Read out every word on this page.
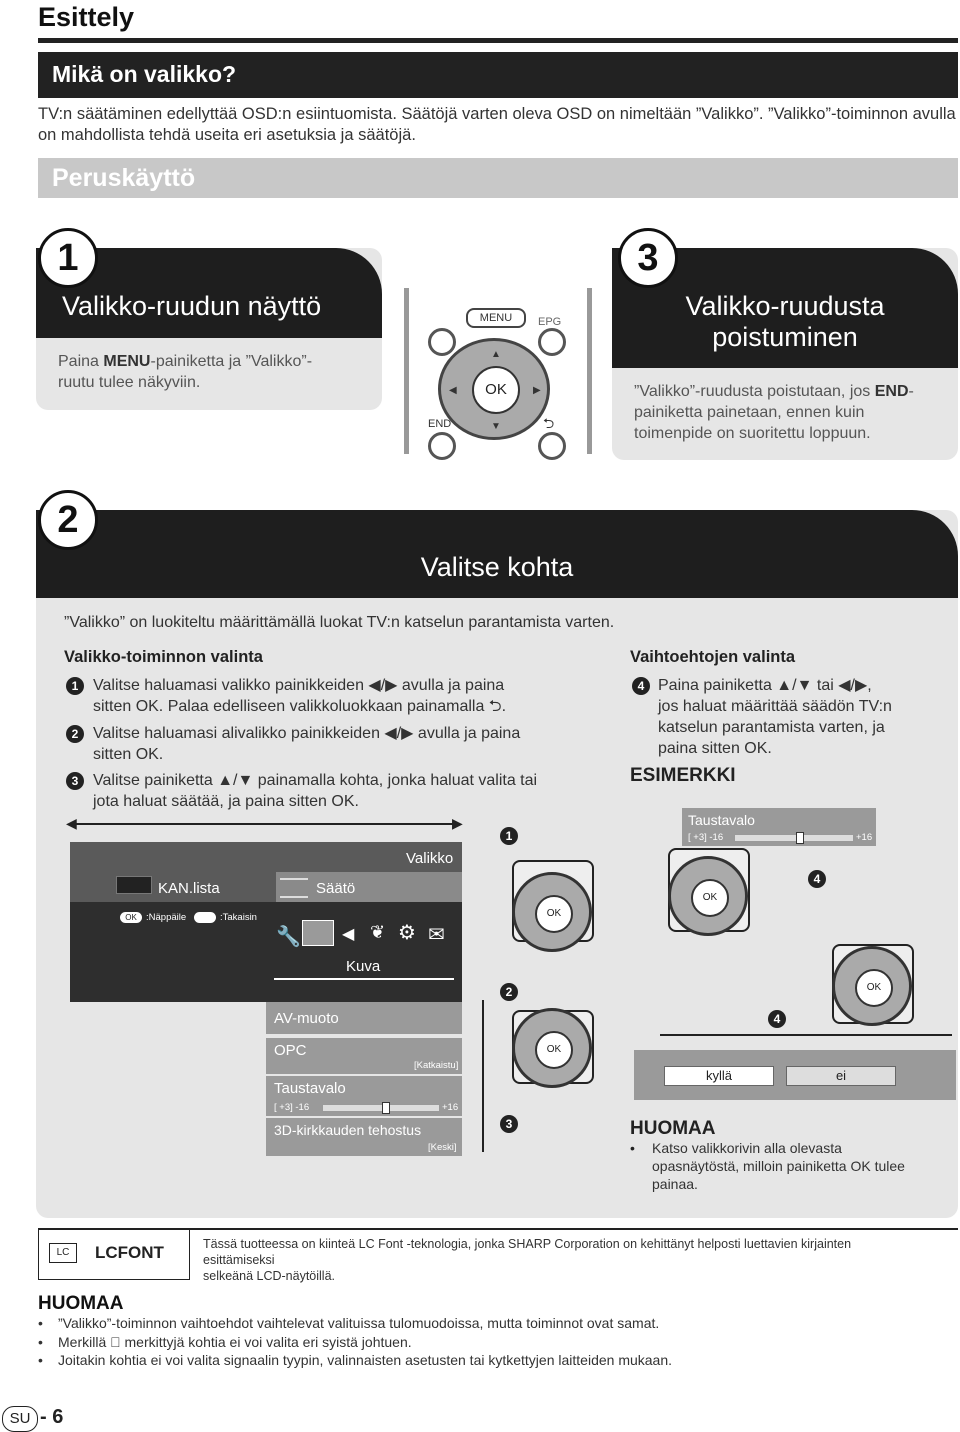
Esittely
Mikä on valikko?
TV:n säätäminen edellyttää OSD:n esiintuomista. Säätöjä varten oleva OSD on nimeltään ”Valikko”. ”Valikko”-toiminnon avulla on mahdollista tehdä useita eri asetuksia ja säätöjä.
Peruskäyttö
Valikko-ruudun näyttö
1
Paina MENU-painiketta ja ”Valikko”-ruutu tulee näkyviin.
MENU	EPG
▲
▼
◀	▶
OK
END	⮌
Valikko-ruudusta
poistuminen
3
”Valikko”-ruudusta poistutaan, jos END-painiketta painetaan, ennen kuin toimenpide on suoritettu loppuun.
Valitse kohta
2
”Valikko” on luokiteltu määrittämällä luokat TV:n katselun parantamista varten.
Valikko-toiminnon valinta
1 Valitse haluamasi valikko painikkeiden ◀/▶ avulla ja paina
sitten OK. Palaa edelliseen valikkoluokkaan painamalla ⮌.
2 Valitse haluamasi alivalikko painikkeiden ◀/▶ avulla ja paina
sitten OK.
3 Valitse painiketta ▲/▼ painamalla kohta, jonka haluat valita tai
jota haluat säätää, ja paina sitten OK.
Vaihtoehtojen valinta
4 Paina painiketta ▲/▼ tai ◀/▶,
jos haluat määrittää säädön TV:n
katselun parantamista varten, ja
paina sitten OK.
ESIMERKKI
Taustavalo
[ +3] -16	+16
◀	▶
Valikko
KAN.lista	Säätö
OK :Näppäile	:Takaisin
🔧	◀ ❦ ⚙ ✉
Kuva
AV-muoto
OPC
[Katkaistu]
Taustavalo
[ +3] -16	+16
3D-kirkkauden tehostus
[Keski]
1
2
3
4
4
OK
OK
OK
OK
kyllä	ei
HUOMAA
• Katso valikkorivin alla olevasta
opasnäytöstä, milloin painiketta OK tulee
painaa.
LC	LCFONT	Tässä tuotteessa on kiinteä LC Font -teknologia, jonka SHARP Corporation on kehittänyt helposti luettavien kirjainten esittämiseksi
selkeänä LCD-näytöillä.
HUOMAA
• ”Valikko”-toiminnon vaihtoehdot vaihtelevat valituissa tulomuodoissa, mutta toiminnot ovat samat.
• Merkillä ⃠ merkittyjä kohtia ei voi valita eri syistä johtuen.
• Joitakin kohtia ei voi valita signaalin tyypin, valinnaisten asetusten tai kytkettyjen laitteiden mukaan.
SU - 6
